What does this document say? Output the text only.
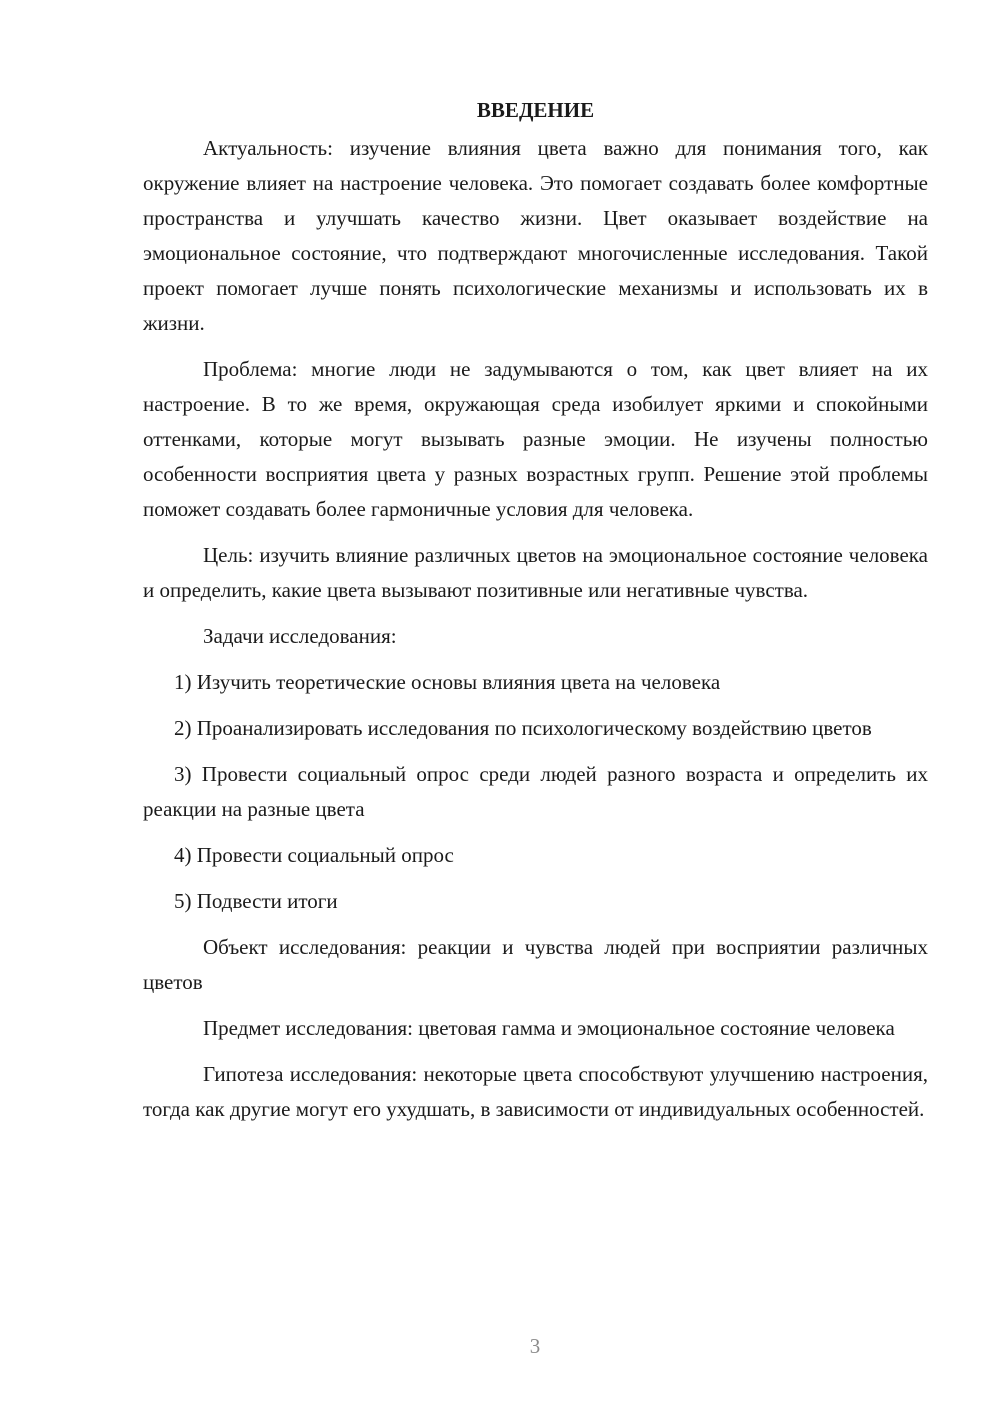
ВВЕДЕНИЕ

Актуальность: изучение влияния цвета важно для понимания того, как окружение влияет на настроение человека. Это помогает создавать более комфортные пространства и улучшать качество жизни. Цвет оказывает воздействие на эмоциональное состояние, что подтверждают многочисленные исследования. Такой проект помогает лучше понять психологические механизмы и использовать их в жизни.

Проблема: многие люди не задумываются о том, как цвет влияет на их настроение. В то же время, окружающая среда изобилует яркими и спокойными оттенками, которые могут вызывать разные эмоции. Не изучены полностью особенности восприятия цвета у разных возрастных групп. Решение этой проблемы поможет создавать более гармоничные условия для человека.

Цель: изучить влияние различных цветов на эмоциональное состояние человека и определить, какие цвета вызывают позитивные или негативные чувства.

Задачи исследования:

1) Изучить теоретические основы влияния цвета на человека

2) Проанализировать исследования по психологическому воздействию цветов

3) Провести социальный опрос среди людей разного возраста и определить их реакции на разные цвета

4) Провести социальный опрос

5) Подвести итоги

Объект исследования: реакции и чувства людей при восприятии различных цветов

Предмет исследования: цветовая гамма и эмоциональное состояние человека

Гипотеза исследования: некоторые цвета способствуют улучшению настроения, тогда как другие могут его ухудшать, в зависимости от индивидуальных особенностей.

3
